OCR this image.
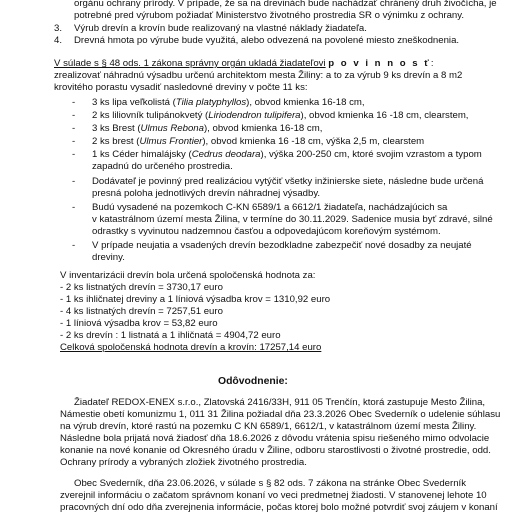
orgánu ochrany prírody. V prípade, že sa na drevinách bude nachádzať chránený druh živočícha, je
potrebné pred výrubom požiadať Ministerstvo životného prostredia SR o výnimku z ochrany.
3. Výrub drevín a krovín bude realizovaný na vlastné náklady žiadateľa.
4. Drevná hmota po výrube bude využitá, alebo odvezená na povolené miesto zneškodnenia.
V súlade s § 48 ods. 1 zákona správny orgán ukladá žiadateľovi p o v i n n o s ť:
zrealizovať náhradnú výsadbu určenú architektom mesta Žiliny: a to za výrub 9 ks drevín a 8 m2
krovitého porastu vysadiť nasledovné dreviny v počte 11 ks:
- 3 ks lipa veľkolistá (Tilia platyphyllos), obvod kmienka 16-18 cm,
- 2 ks liliovník tulipánokvetý (Liriodendron tulipifera), obvod kmienka 16 -18 cm, clearstem,
- 3 ks Brest (Ulmus Rebona), obvod kmienka 16-18 cm,
- 2 ks brest (Ulmus Frontier), obvod kmienka 16 -18 cm, výška 2,5 m, clearstem
- 1 ks Céder himalájsky (Cedrus deodara), výška 200-250 cm, ktoré svojim vzrastom a typom
zapadnú do určeného prostredia.
- Dodávateľ je povinný pred realizáciou vytýčiť všetky inžinierske siete, následne bude určená
presná poloha jednotlivých drevín náhradnej výsadby.
- Budú vysadené na pozemkoch C-KN 6589/1 a 6612/1 žiadateľa, nachádzajúcich sa
v katastrálnom území mesta Žilina, v termíne do 30.11.2029. Sadenice musia byť zdravé, silné
odrastky s vyvinutou nadzemnou časťou a odpovedajúcom koreňovým systémom.
- V prípade neujatia a vsadených drevín bezodkladne zabezpečiť nové dosadby za neujaté
dreviny.
V inventarizácii drevín bola určená spoločenská hodnota za:
- 2 ks listnatých drevín = 3730,17 euro
- 1 ks ihličnatej dreviny a 1 líniová výsadba krov = 1310,92 euro
- 4 ks listnatých drevín = 7257,51 euro
- 1 líniová výsadba krov = 53,82 euro
- 2 ks drevín : 1 listnatá a 1 ihličnatá = 4904,72 euro
Celková spoločenská hodnota drevín a krovín: 17257,14 euro
Odôvodnenie:
Žiadateľ REDOX-ENEX s.r.o., Zlatovská 2416/33H, 911 05 Trenčín, ktorá zastupuje Mesto Žilina,
Námestie obetí komunizmu 1, 011 31 Žilina požiadal dňa 23.3.2026 Obec Svederník o udelenie súhlasu
na výrub drevín, ktoré rastú na pozemku C KN 6589/1, 6612/1, v katastrálnom území mesta Žiliny.
Následne bola prijatá nová žiadosť dňa 18.6.2026 z dôvodu vrátenia spisu riešeného mimo odvolacie
konanie na nové konanie od Okresného úradu v Žiline, odboru starostlivosti o životné prostredie, odd.
Ochrany prírody a vybraných zložiek životného prostredia.
Obec Svederník, dňa 23.06.2026, v súlade s § 82 ods. 7 zákona na stránke Obec Svederník
zverejnil informáciu o začatom správnom konaní vo veci predmetnej žiadosti. V stanovenej lehote 10
pracovných dní odo dňa zverejnenia informácie, počas ktorej bolo možné potvrdiť svoj záujem v konaní
